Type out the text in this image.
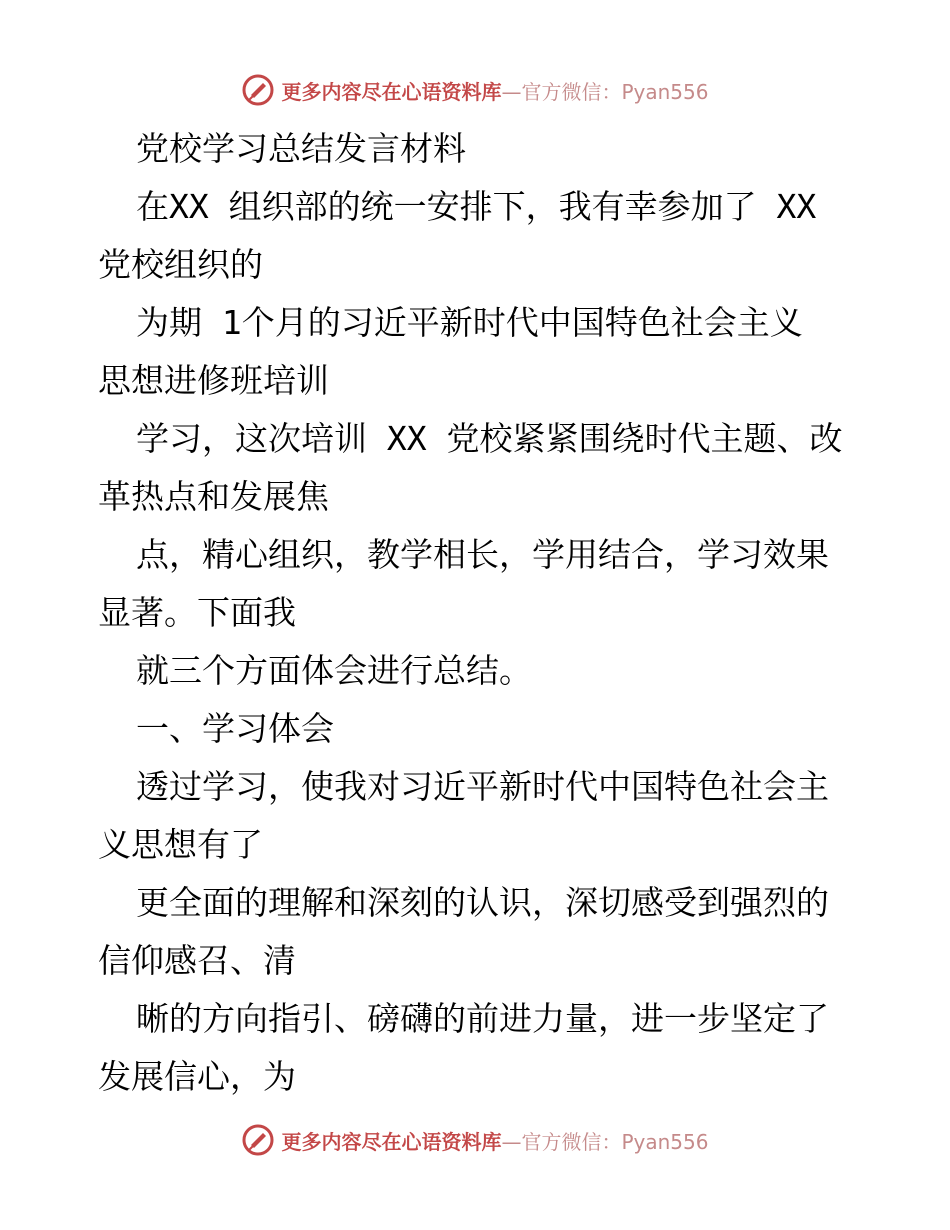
更多内容尽在心语资料库—官方微信：Pyan556

党校学习总结发言材料

在XX 组织部的统一安排下，我有幸参加了 XX
党校组织的

为期 1个月的习近平新时代中国特色社会主义
思想进修班培训

学习，这次培训 XX 党校紧紧围绕时代主题、改
革热点和发展焦

点，精心组织，教学相长，学用结合，学习效果
显著。下面我

就三个方面体会进行总结。

一、学习体会

透过学习，使我对习近平新时代中国特色社会主
义思想有了

更全面的理解和深刻的认识，深切感受到强烈的
信仰感召、清

晰的方向指引、磅礴的前进力量，进一步坚定了
发展信心，为

更多内容尽在心语资料库—官方微信：Pyan556
